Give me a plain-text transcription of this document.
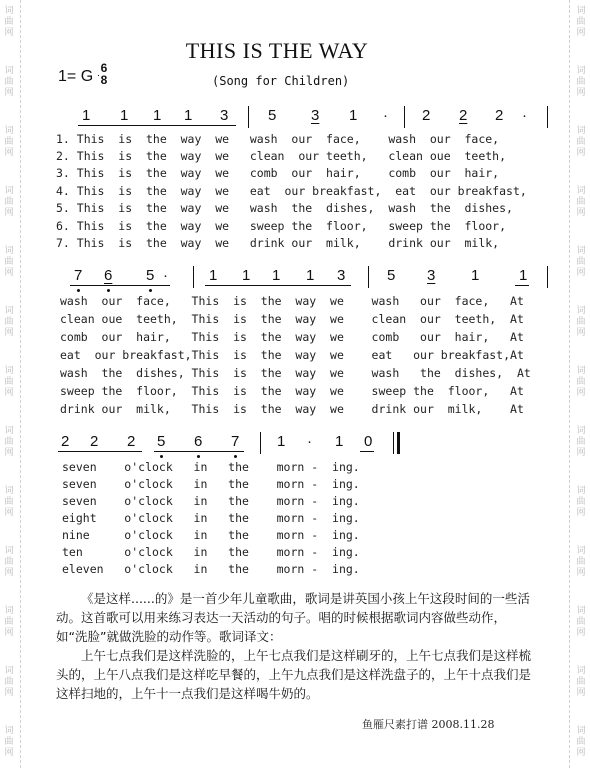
词
曲
网
词
曲
网
词
曲
网
词
曲
网
词
曲
网
词
曲
网
词
曲
网
词
曲
网
词
曲
网
词
曲
网
词
曲
网
词
曲
网
词
曲
网
词
曲
网
词
曲
网
词
曲
网
词
曲
网
词
曲
网
词
曲
网
词
曲
网
词
曲
网
词
曲
网
词
曲
网
词
曲
网
词
曲
网
词
曲
网
THIS IS THE WAY
1= G 6
8	(Song for Children)
1 1 1 1 3	5 3 1 · 2 2 2 ·
1. This  is  the  way  we   wash  our  face,    wash  our  face,
2. This  is  the  way  we   clean  our teeth,   clean oue  teeth,
3. This  is  the  way  we   comb  our  hair,    comb  our  hair,
4. This  is  the  way  we   eat  our breakfast,  eat  our breakfast,
5. This  is  the  way  we   wash  the  dishes,  wash  the  dishes,
6. This  is  the  way  we   sweep the  floor,   sweep the  floor,
7. This  is  the  way  we   drink our  milk,    drink our  milk,
7 6 5 ·	1 1 1 1 3	5 3 1	1
wash  our  face,   This  is  the  way  we    wash   our  face,   At
clean oue  teeth,  This  is  the  way  we    clean  our  teeth,  At
comb  our  hair,   This  is  the  way  we    comb   our  hair,   At
eat  our breakfast,This  is  the  way  we    eat   our breakfast,At
wash  the  dishes, This  is  the  way  we    wash   the  dishes,  At
sweep the  floor,  This  is  the  way  we    sweep the  floor,   At
drink our  milk,   This  is  the  way  we    drink our  milk,    At
2 2 2 5 6 7	1 · 1 0
seven    o'clock   in   the    morn -  ing.
seven    o'clock   in   the    morn -  ing.
seven    o'clock   in   the    morn -  ing.
eight    o'clock   in   the    morn -  ing.
nine     o'clock   in   the    morn -  ing.
ten      o'clock   in   the    morn -  ing.
eleven   o'clock   in   the    morn -  ing.

《是这样......的》是一首少年儿童歌曲，歌词是讲英国小孩上午这段时间的一些活动。这首歌可以用来练习表达一天活动的句子。唱的时候根据歌词内容做些动作，如“洗脸”就做洗脸的动作等。歌词译文：

上午七点我们是这样洗脸的，上午七点我们是这样刷牙的，上午七点我们是这样梳头的，上午八点我们是这样吃早餐的，上午九点我们是这样洗盘子的，上午十点我们是这样扫地的，上午十一点我们是这样喝牛奶的。

鱼雁尺素打谱 2008.11.28
